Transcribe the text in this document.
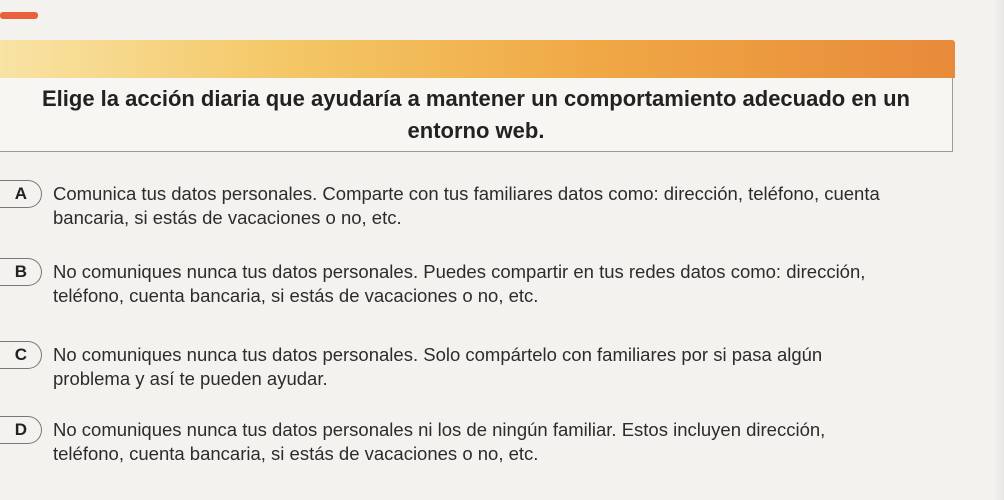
Elige la acción diaria que ayudaría a mantener un comportamiento adecuado en un entorno web.

A	Comunica tus datos personales. Comparte con tus familiares datos como: dirección, teléfono, cuenta bancaria, si estás de vacaciones o no, etc.

B	No comuniques nunca tus datos personales. Puedes compartir en tus redes datos como: dirección, teléfono, cuenta bancaria, si estás de vacaciones o no, etc.

C	No comuniques nunca tus datos personales. Solo compártelo con familiares por si pasa algún problema y así te pueden ayudar.

D	No comuniques nunca tus datos personales ni los de ningún familiar. Estos incluyen dirección, teléfono, cuenta bancaria, si estás de vacaciones o no, etc.
